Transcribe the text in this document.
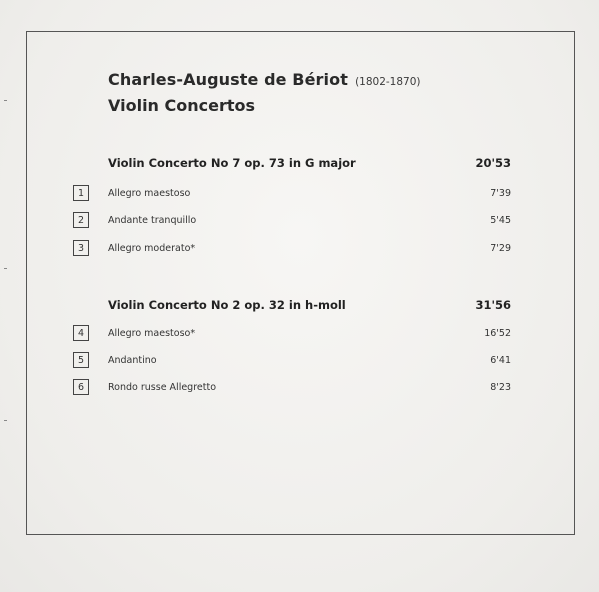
Charles-Auguste de Bériot (1802-1870)
Violin Concertos
Violin Concerto No 7 op. 73 in G major	20'53
1	Allegro maestoso	7'39
2	Andante tranquillo	5'45
3	Allegro moderato*	7'29
Violin Concerto No 2 op. 32 in h-moll	31'56
4	Allegro maestoso*	16'52
5	Andantino	6'41
6	Rondo russe Allegretto	8'23
